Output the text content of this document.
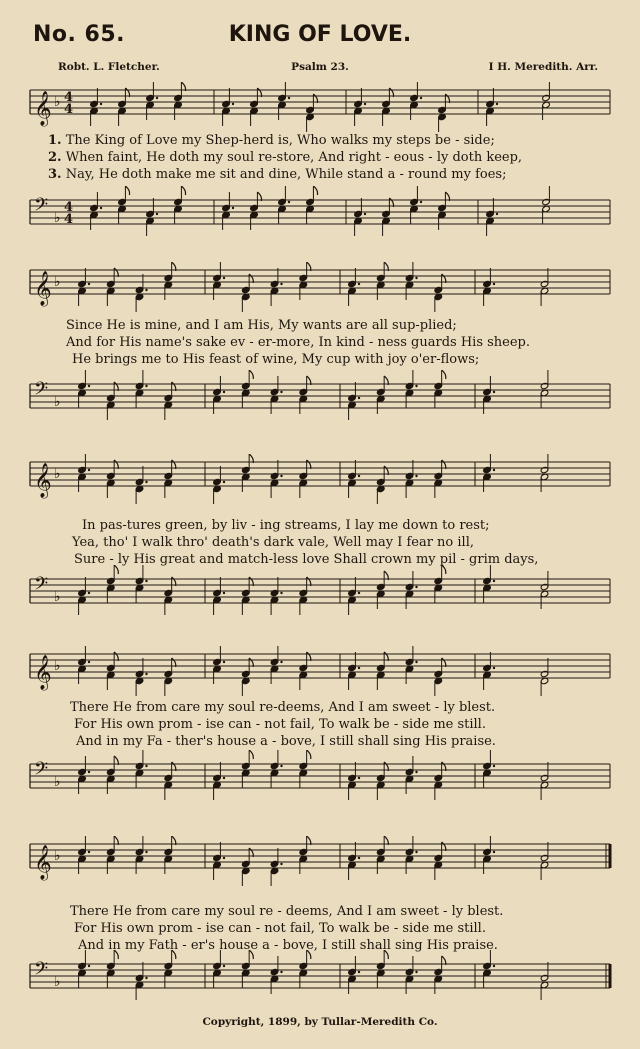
No. 65.	KING OF LOVE.
Robt. L. Fletcher.	Psalm 23.	I H. Meredith. Arr.
𝄞 ♭ 4
4
1. The King of Love my Shep-herd is, Who walks my steps be - side;
2. When faint, He doth my soul re-store, And right - eous - ly doth keep,
3. Nay, He doth make me sit and dine, While stand a - round my foes;
𝄢 ♭
4
4
𝄞 ♭
Since He is mine, and I am His, My wants are all sup-plied;
And for His name's sake ev - er-more, In kind - ness guards His sheep.
He brings me to His feast of wine, My cup with joy o'er-flows;
𝄢 ♭
𝄞 ♭
In pas-tures green, by liv - ing streams, I lay me down to rest;
Yea, tho' I walk thro' death's dark vale, Well may I fear no ill,
Sure - ly His great and match-less love Shall crown my pil - grim days,
𝄢 ♭
𝄞 ♭
There He from care my soul re-deems, And I am sweet - ly blest.
For His own prom - ise can - not fail, To walk be - side me still.
And in my Fa - ther's house a - bove, I still shall sing His praise.
𝄢 ♭
𝄞 ♭
There He from care my soul re - deems, And I am sweet - ly blest.
For His own prom - ise can - not fail, To walk be - side me still.
And in my Fath - er's house a - bove, I still shall sing His praise.
𝄢 ♭
Copyright, 1899, by Tullar-Meredith Co.
